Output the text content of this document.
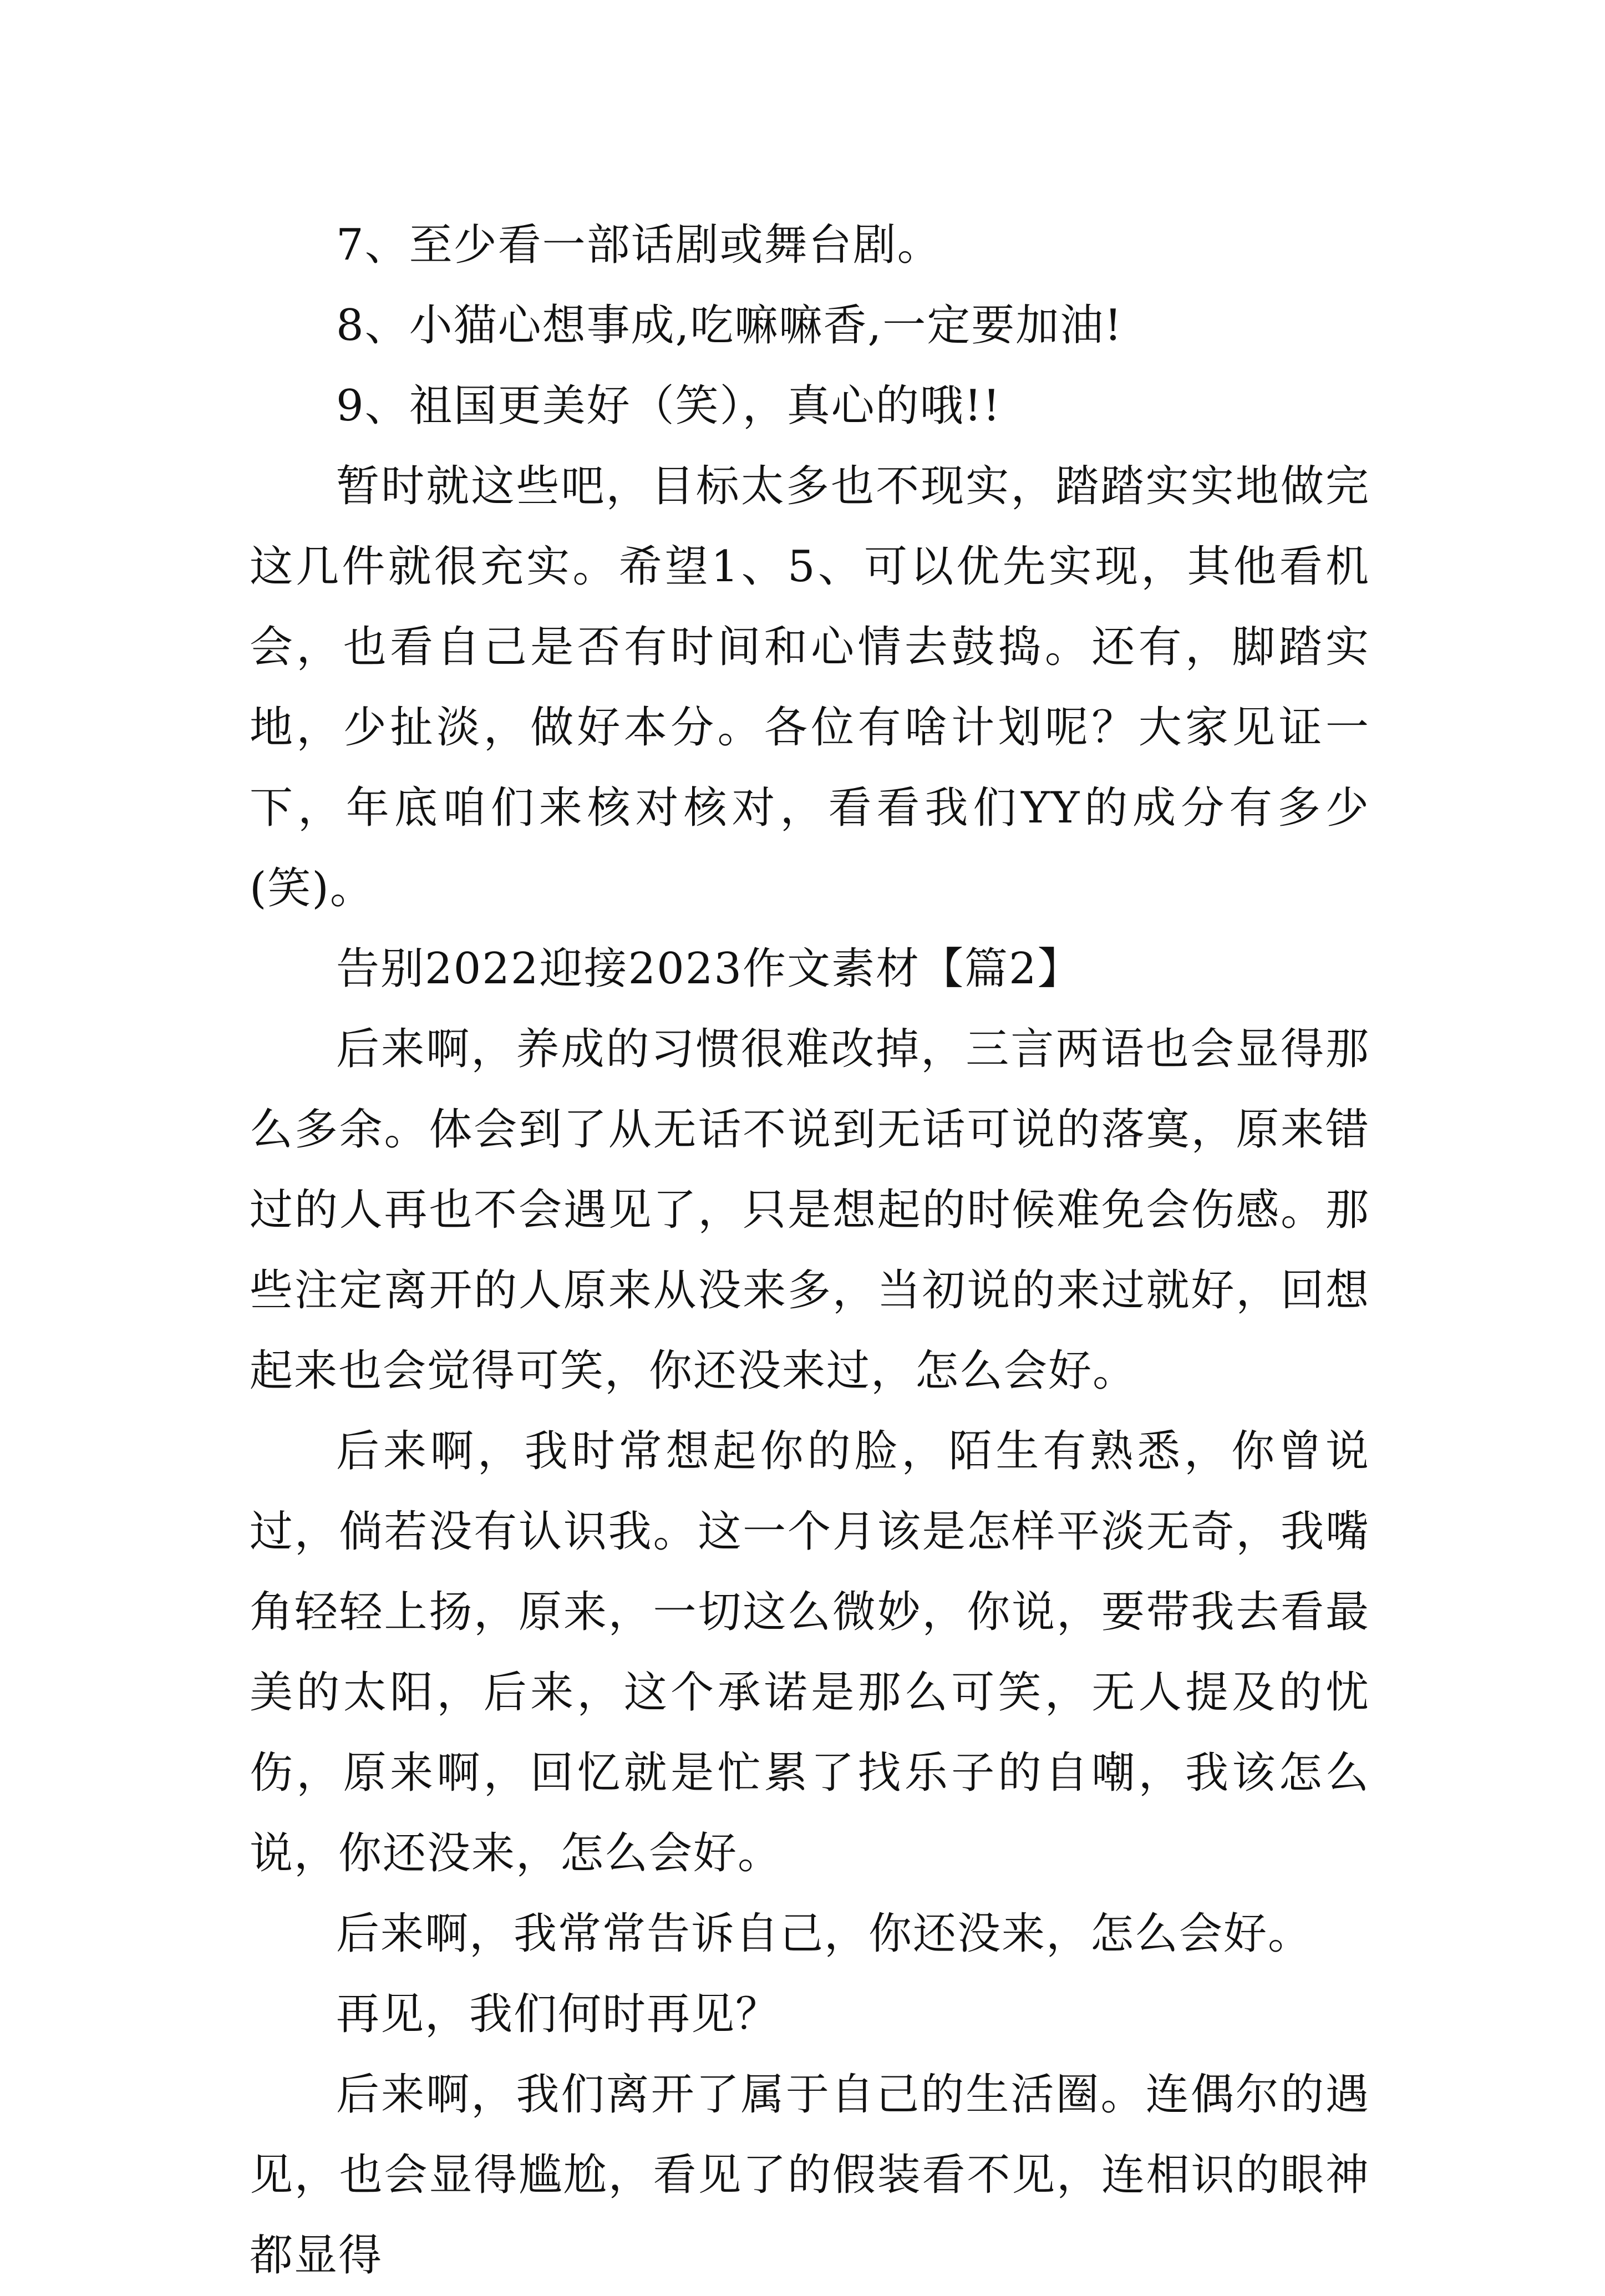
7、至少看一部话剧或舞台剧。

8、小猫心想事成,吃嘛嘛香,一定要加油!

9、祖国更美好（笑），真心的哦!!

暂时就这些吧，目标太多也不现实，踏踏实实地做完这几件就很充实。希望1、5、可以优先实现，其他看机会，也看自己是否有时间和心情去鼓捣。还有，脚踏实地，少扯淡，做好本分。各位有啥计划呢？大家见证一下，年底咱们来核对核对，看看我们YY的成分有多少(笑)。

告别2022迎接2023作文素材【篇2】

后来啊，养成的习惯很难改掉，三言两语也会显得那么多余。体会到了从无话不说到无话可说的落寞，原来错过的人再也不会遇见了，只是想起的时候难免会伤感。那些注定离开的人原来从没来多，当初说的来过就好，回想起来也会觉得可笑，你还没来过，怎么会好。

后来啊，我时常想起你的脸，陌生有熟悉，你曾说过，倘若没有认识我。这一个月该是怎样平淡无奇，我嘴角轻轻上扬，原来，一切这么微妙，你说，要带我去看最美的太阳，后来，这个承诺是那么可笑，无人提及的忧伤，原来啊，回忆就是忙累了找乐子的自嘲，我该怎么说，你还没来，怎么会好。

后来啊，我常常告诉自己，你还没来，怎么会好。

再见，我们何时再见？

后来啊，我们离开了属于自己的生活圈。连偶尔的遇见，也会显得尴尬，看见了的假装看不见，连相识的眼神都显得
